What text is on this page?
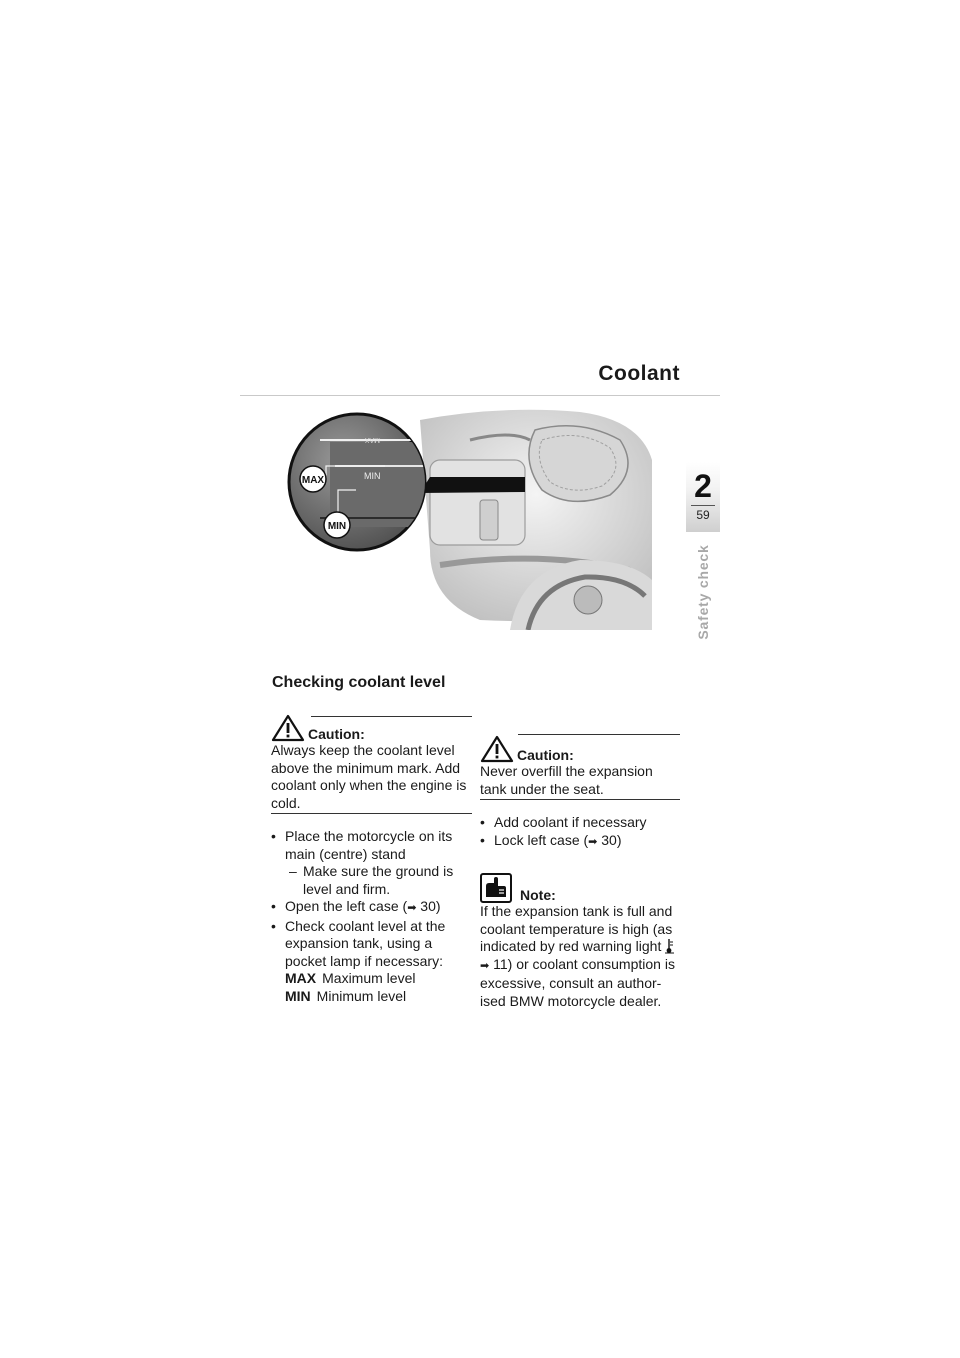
Coolant
2
59
Safety check
MAX
MIN
MAX
MIN
Checking coolant level
Caution:
Always keep the coolant level above the minimum mark. Add coolant only when the engine is cold.
• Place the motorcycle on its main (centre) stand
– Make sure the ground is level and firm.
• Open the left case (➡ 30)
• Check coolant level at the expansion tank, using a pocket lamp if necessary:
MAX Maximum level
MIN Minimum level
Caution:
Never overfill the expansion tank under the seat.
• Add coolant if necessary
• Lock left case (➡ 30)
Note:
If the expansion tank is full and coolant temperature is high (as indicated by red warning light
➡ 11) or coolant consumption is excessive, consult an author-ised BMW motorcycle dealer.
